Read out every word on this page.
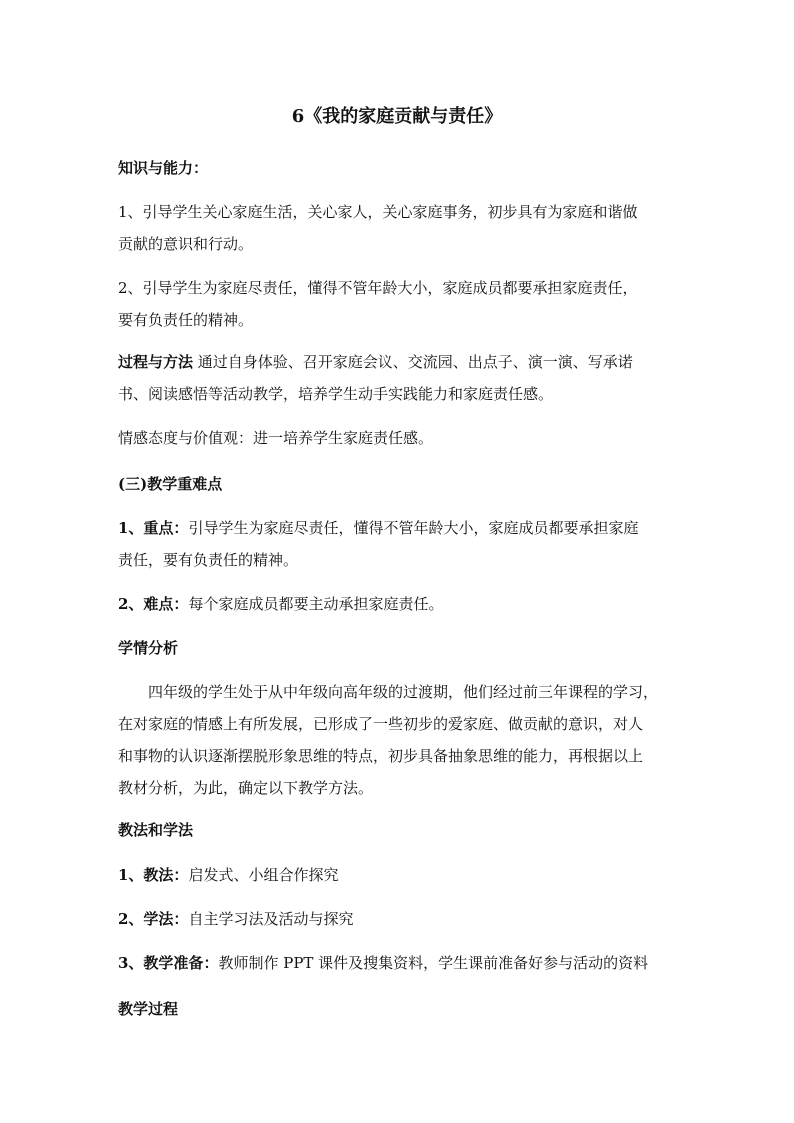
6《我的家庭贡献与责任》
知识与能力：
1、引导学生关心家庭生活，关心家人，关心家庭事务，初步具有为家庭和谐做
贡献的意识和行动。
2、引导学生为家庭尽责任，懂得不管年龄大小，家庭成员都要承担家庭责任，
要有负责任的精神。
过程与方法 通过自身体验、召开家庭会议、交流园、出点子、演一演、写承诺
书、阅读感悟等活动教学，培养学生动手实践能力和家庭责任感。
情感态度与价值观：进一培养学生家庭责任感。
(三)教学重难点
1、重点：引导学生为家庭尽责任，懂得不管年龄大小，家庭成员都要承担家庭
责任，要有负责任的精神。
2、难点：每个家庭成员都要主动承担家庭责任。
学情分析
四年级的学生处于从中年级向高年级的过渡期，他们经过前三年课程的学习，
在对家庭的情感上有所发展，已形成了一些初步的爱家庭、做贡献的意识，对人
和事物的认识逐渐摆脱形象思维的特点，初步具备抽象思维的能力，再根据以上
教材分析，为此，确定以下教学方法。
教法和学法
1、教法：启发式、小组合作探究
2、学法：自主学习法及活动与探究
3、教学准备：教师制作 PPT 课件及搜集资料，学生课前准备好参与活动的资料
教学过程
